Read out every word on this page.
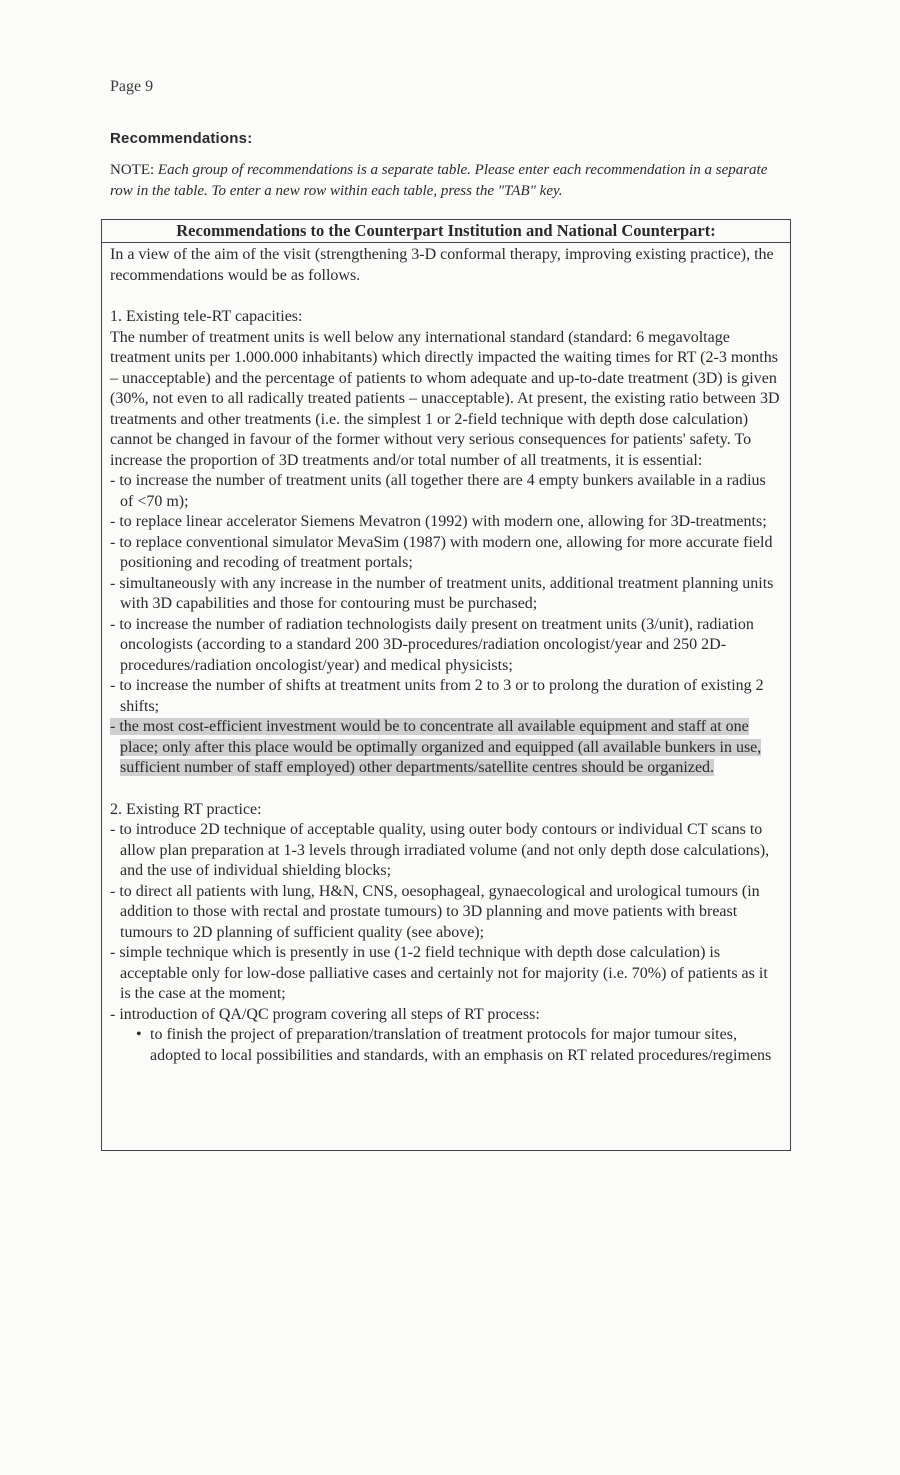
Page 9
Recommendations:
NOTE: Each group of recommendations is a separate table. Please enter each recommendation in a separate row in the table. To enter a new row within each table, press the "TAB" key.
Recommendations to the Counterpart Institution and National Counterpart:

In a view of the aim of the visit (strengthening 3-D conformal therapy, improving existing practice), the recommendations would be as follows.

1. Existing tele-RT capacities:

The number of treatment units is well below any international standard (standard: 6 megavoltage treatment units per 1.000.000 inhabitants) which directly impacted the waiting times for RT (2-3 months – unacceptable) and the percentage of patients to whom adequate and up-to-date treatment (3D) is given (30%, not even to all radically treated patients – unacceptable). At present, the existing ratio between 3D treatments and other treatments (i.e. the simplest 1 or 2-field technique with depth dose calculation) cannot be changed in favour of the former without very serious consequences for patients' safety. To increase the proportion of 3D treatments and/or total number of all treatments, it is essential:

- to increase the number of treatment units (all together there are 4 empty bunkers available in a radius of <70 m);

- to replace linear accelerator Siemens Mevatron (1992) with modern one, allowing for 3D-treatments;

- to replace conventional simulator MevaSim (1987) with modern one, allowing for more accurate field positioning and recoding of treatment portals;

- simultaneously with any increase in the number of treatment units, additional treatment planning units with 3D capabilities and those for contouring must be purchased;

- to increase the number of radiation technologists daily present on treatment units (3/unit), radiation oncologists (according to a standard 200 3D-procedures/radiation oncologist/year and 250 2D-procedures/radiation oncologist/year) and medical physicists;

- to increase the number of shifts at treatment units from 2 to 3 or to prolong the duration of existing 2 shifts;

- the most cost-efficient investment would be to concentrate all available equipment and staff at one place; only after this place would be optimally organized and equipped (all available bunkers in use, sufficient number of staff employed) other departments/satellite centres should be organized.

2. Existing RT practice:

- to introduce 2D technique of acceptable quality, using outer body contours or individual CT scans to allow plan preparation at 1-3 levels through irradiated volume (and not only depth dose calculations), and the use of individual shielding blocks;

- to direct all patients with lung, H&N, CNS, oesophageal, gynaecological and urological tumours (in addition to those with rectal and prostate tumours) to 3D planning and move patients with breast tumours to 2D planning of sufficient quality (see above);

- simple technique which is presently in use (1-2 field technique with depth dose calculation) is acceptable only for low-dose palliative cases and certainly not for majority (i.e. 70%) of patients as it is the case at the moment;

- introduction of QA/QC program covering all steps of RT process:

• to finish the project of preparation/translation of treatment protocols for major tumour sites, adopted to local possibilities and standards, with an emphasis on RT related procedures/regimens
